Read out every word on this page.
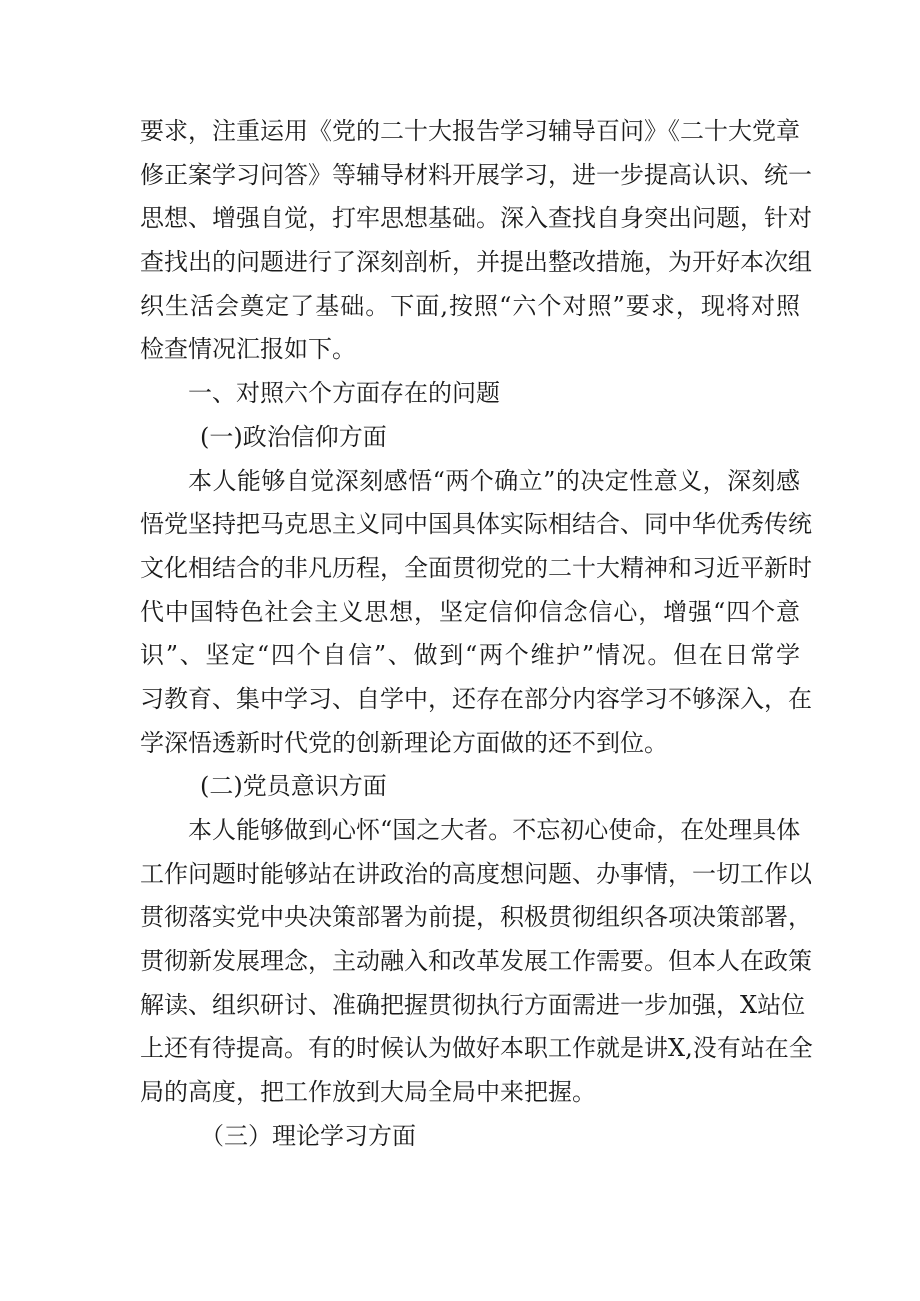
要求，注重运用《党的二十大报告学习辅导百问》《二十大党章
修正案学习问答》等辅导材料开展学习，进一步提高认识、统一
思想、增强自觉，打牢思想基础。深入查找自身突出问题，针对
查找出的问题进行了深刻剖析，并提出整改措施，为开好本次组
织生活会奠定了基础。下面,按照“六个对照”要求，现将对照
检查情况汇报如下。
一、对照六个方面存在的问题
(一)政治信仰方面
本人能够自觉深刻感悟“两个确立”的决定性意义，深刻感
悟党坚持把马克思主义同中国具体实际相结合、同中华优秀传统
文化相结合的非凡历程，全面贯彻党的二十大精神和习近平新时
代中国特色社会主义思想，坚定信仰信念信心，增强“四个意
识”、坚定“四个自信”、做到“两个维护”情况。但在日常学
习教育、集中学习、自学中，还存在部分内容学习不够深入，在
学深悟透新时代党的创新理论方面做的还不到位。
(二)党员意识方面
本人能够做到心怀“国之大者。不忘初心使命，在处理具体
工作问题时能够站在讲政治的高度想问题、办事情，一切工作以
贯彻落实党中央决策部署为前提，积极贯彻组织各项决策部署，
贯彻新发展理念，主动融入和改革发展工作需要。但本人在政策
解读、组织研讨、准确把握贯彻执行方面需进一步加强，X站位
上还有待提高。有的时候认为做好本职工作就是讲X,没有站在全
局的高度，把工作放到大局全局中来把握。
（三）理论学习方面
